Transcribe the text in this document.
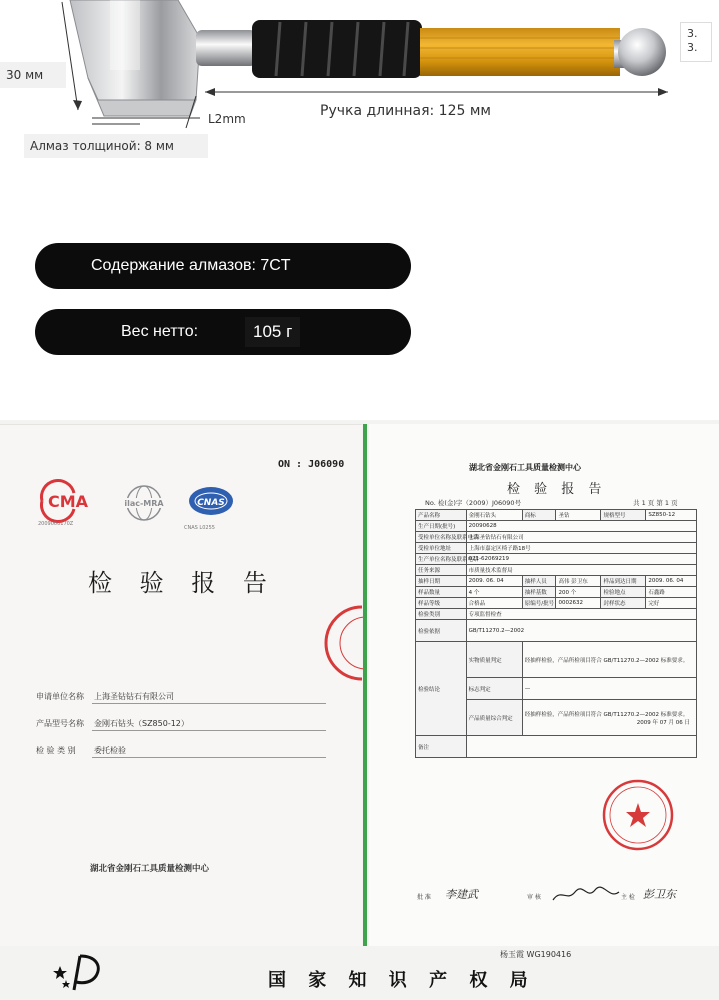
30 мм
L2mm	Ручка длинная: 125 мм
Алмаз толщиной: 8 мм
3.
3.
Содержание алмазов: 7CT
Вес нетто:	105 г
ON : J06090
CMA
2009000170Z
ilac-MRA	CNAS
CNAS L0255
检 验 报 告
申请单位名称 上海圣钻钻石有限公司
产品型号名称 金刚石钻头（SZ850-12）
检 验 类 别 委托检验
湖北省金刚石工具质量检测中心
湖北省金刚石工具质量检测中心
检 验 报 告
No. 检(金)字（2009）J06090号	共 1 页 第 1 页
产品名称	金刚石钻头	商标	圣钻	规格型号	SZ850-12
生产日期(批号)	20090628				
受检单位名称及联系电话	上海圣钻钻石有限公司				
受检单位地址	上海市嘉定区椅子路18号				
生产单位名称及联系电话	021-62069219				
任务来源	市质量技术监督局				
抽样日期	2009. 06. 04	抽样人员	高伟 彭卫东	样品到达日期	2009. 06. 04
样品数量	4 个	抽样基数	200 个	检验地点	石鑫路
样品等级	合格品	原编号/批号	0002632	封样状态	完好
检验类别	专项监督检查				
检验依据	GB/T11270.2—2002				
检验结论	实物质量判定	经抽样检验，产品所检项目符合 GB/T11270.2—2002 标准要求。			
	标志判定	—			
	产品质量综合判定	经抽样检验，产品所检项目符合 GB/T11270.2—2002 标准要求。
2009 年 07 月 06 日			

备注					
批 准 李建武	审 核	主 检 彭卫东
杨玉霞 WG190416
国 家 知 识 产 权 局
